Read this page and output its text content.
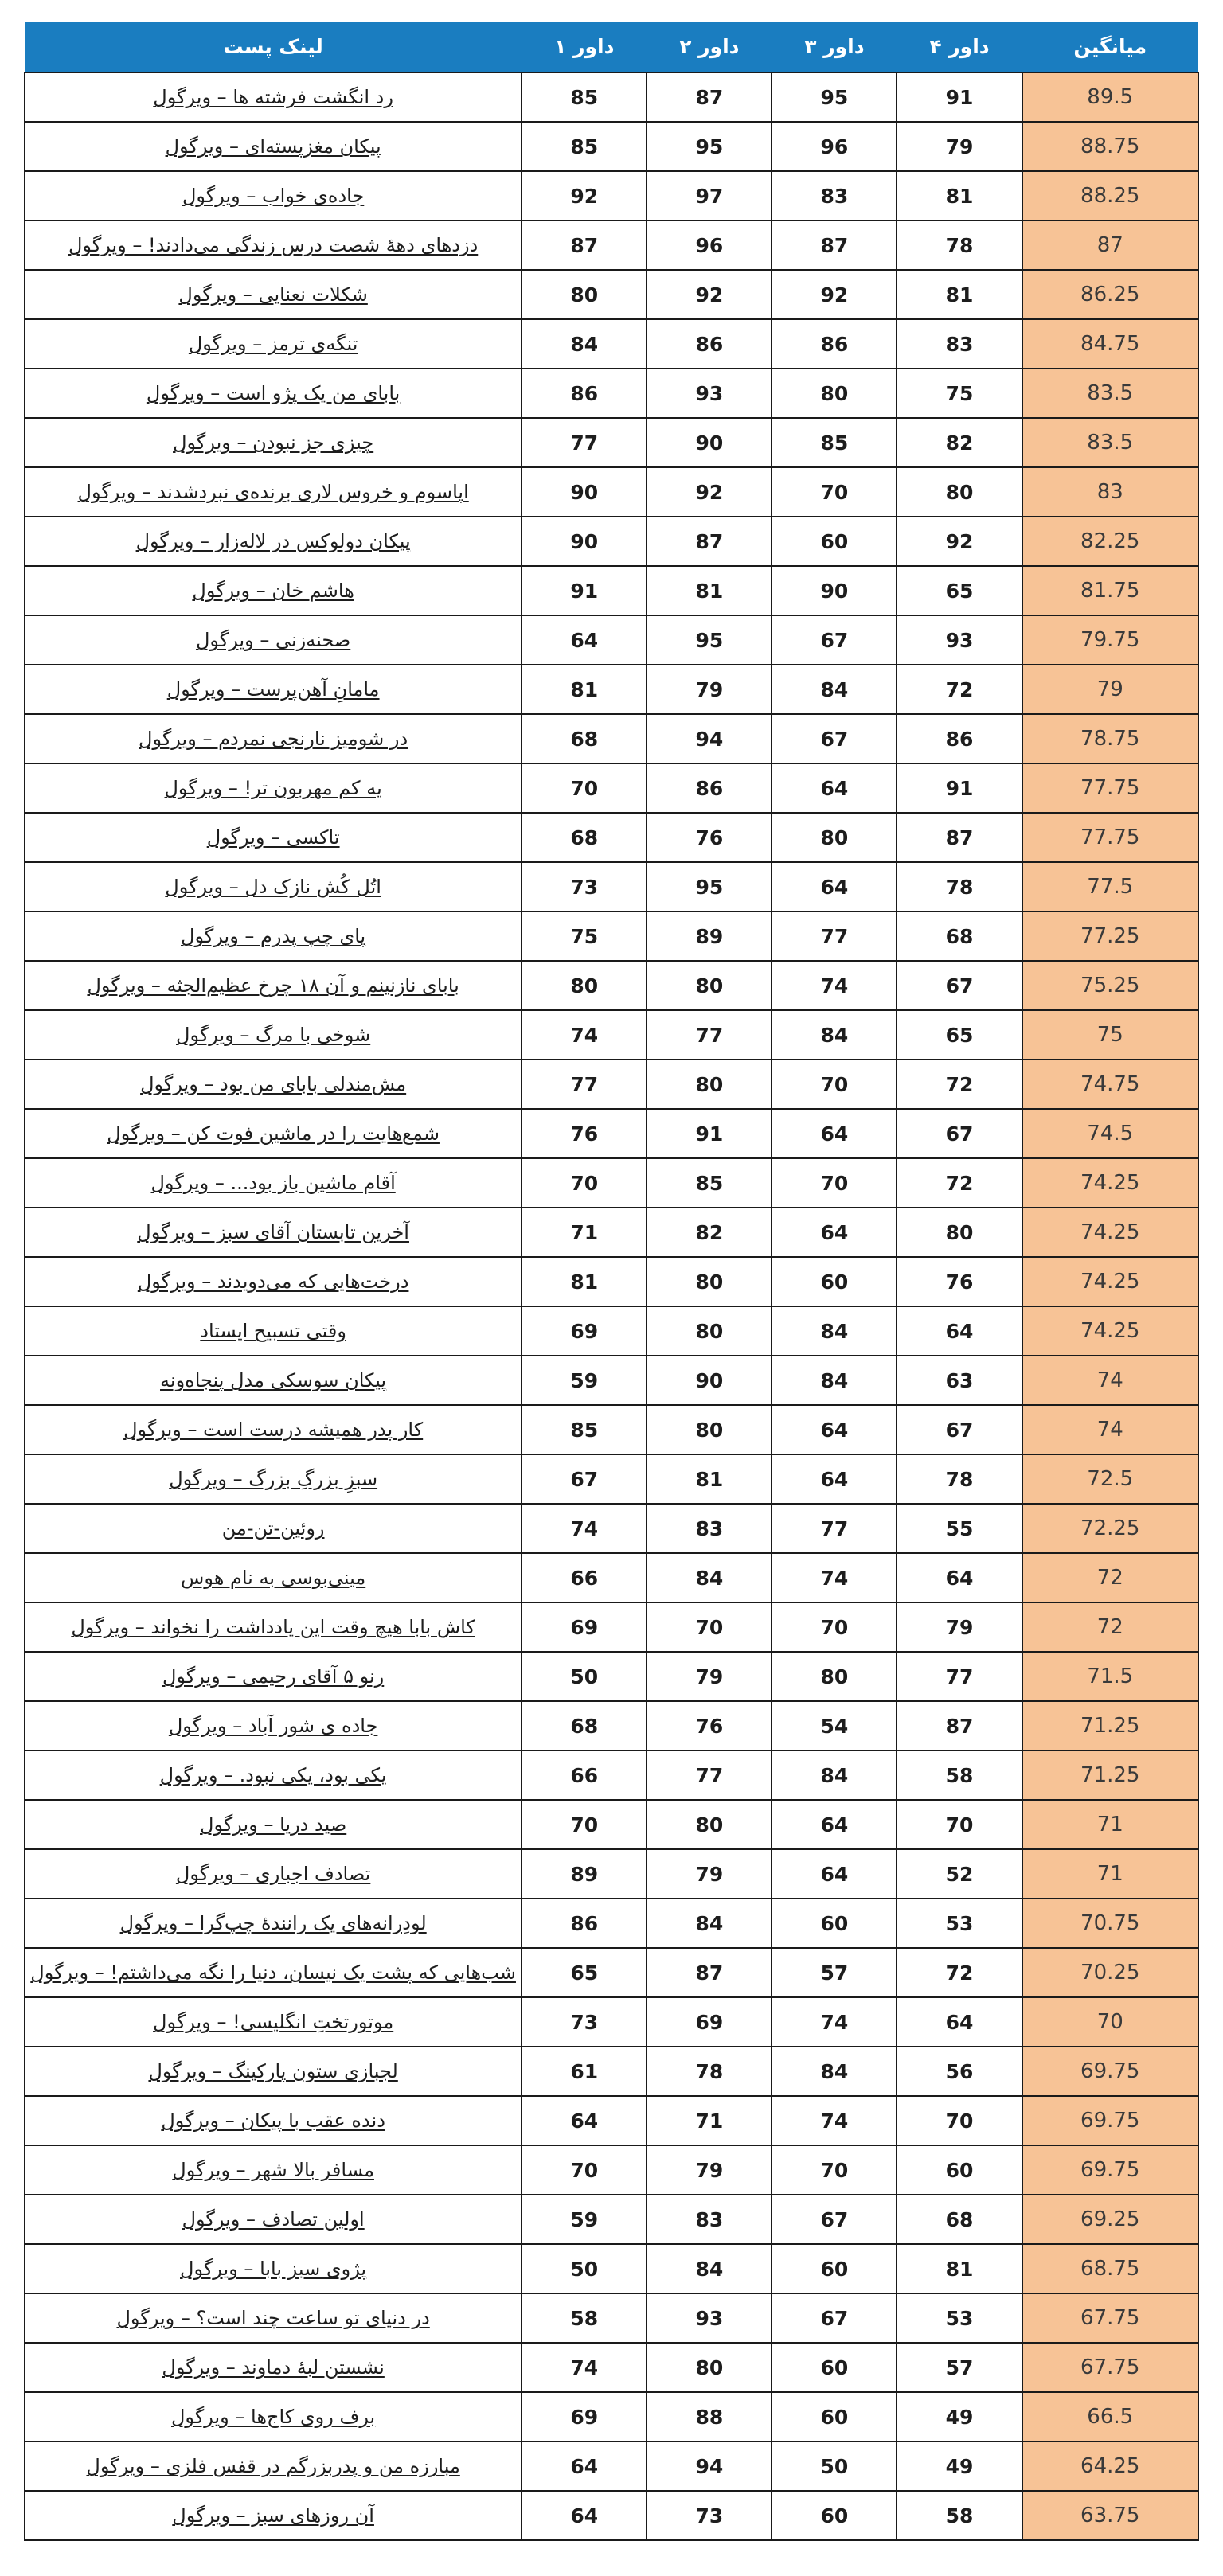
میانگین	داور ۴	داور ۳	داور ۲	داور ۱	لینک پست
89.5	91	95	87	85	رد انگشت فرشته ها – ویرگول
88.75	79	96	95	85	پیکان مغزپسته‌ای – ویرگول
88.25	81	83	97	92	جاده‌ی خواب – ویرگول
87	78	87	96	87	دزدهای دههٔ شصت درس زندگی می‌دادند! – ویرگول
86.25	81	92	92	80	شکلات نعنایی – ویرگول
84.75	83	86	86	84	تنگه‌ی ترمز – ویرگول
83.5	75	80	93	86	بابای من یک پژو است – ویرگول
83.5	82	85	90	77	چیزی جز نبودن – ویرگول
83	80	70	92	90	اپاسوم و خروس لاری برنده‌ی نبردشدند – ویرگول
82.25	92	60	87	90	پیکان دولوکس در لاله‌زار – ویرگول
81.75	65	90	81	91	هاشم خان – ویرگول
79.75	93	67	95	64	صحنه‌زنی – ویرگول
79	72	84	79	81	مامانِ آهن‌پرست – ویرگول
78.75	86	67	94	68	در شومیز نارنجی نمردم – ویرگول
77.75	91	64	86	70	یه کم مهربون تر! – ویرگول
77.75	87	80	76	68	تاکسی – ویرگول
77.5	78	64	95	73	اتُل کُش نازک دل – ویرگول
77.25	68	77	89	75	پای چپ پدرم – ویرگول
75.25	67	74	80	80	بابای نازنینم و آن ۱۸ چرخ عظیم‌الجثه – ویرگول
75	65	84	77	74	شوخی با مرگ – ویرگول
74.75	72	70	80	77	مش‌مندلی بابای من بود – ویرگول
74.5	67	64	91	76	شمع‌هایت را در ماشین فوت کن – ویرگول
74.25	72	70	85	70	آقام ماشین باز بود... – ویرگول
74.25	80	64	82	71	آخرین تابستان آقای سبز – ویرگول
74.25	76	60	80	81	درخت‌هایی که می‌دویدند – ویرگول
74.25	64	84	80	69	وقتی تسبیح ایستاد
74	63	84	90	59	پیکان سوسکی مدل پنجاه‌ونه
74	67	64	80	85	کار پدر همیشه درست است – ویرگول
72.5	78	64	81	67	سبزِ بزرگِ بزرگ – ویرگول
72.25	55	77	83	74	روئین-تن-من
72	64	74	84	66	مینی‌بوسی به نام هوس
72	79	70	70	69	کاش بابا هیچ وقت این یادداشت را نخواند – ویرگول
71.5	77	80	79	50	رنو ۵ آقای رحیمی – ویرگول
71.25	87	54	76	68	جاده ی شور آباد – ویرگول
71.25	58	84	77	66	یکی بود، یکی نبود. – ویرگول
71	70	64	80	70	صید دریا – ویرگول
71	52	64	79	89	تصادف اجباری – ویرگول
70.75	53	60	84	86	لودِرانه‌های یک رانندهٔ چپ‌گرا – ویرگول
70.25	72	57	87	65	شب‌هایی که پشت یک نیسان، دنیا را نگه می‌داشتم! – ویرگول
70	64	74	69	73	موتورتختِ انگلیسی! – ویرگول
69.75	56	84	78	61	لجبازی ستون پارکینگ – ویرگول
69.75	70	74	71	64	دنده عقب با پیکان – ویرگول
69.75	60	70	79	70	مسافر بالا شهر – ویرگول
69.25	68	67	83	59	اولین تصادف – ویرگول
68.75	81	60	84	50	پژوی سبز بابا – ویرگول
67.75	53	67	93	58	در دنیای تو ساعت چند است؟ – ویرگول
67.75	57	60	80	74	نشستن لبهٔ دماوند – ویرگول
66.5	49	60	88	69	برف روی کاج‌ها – ویرگول
64.25	49	50	94	64	مبارزه من و پدربزرگم در قفس فلزی – ویرگول
63.75	58	60	73	64	آن روزهای سبز – ویرگول
